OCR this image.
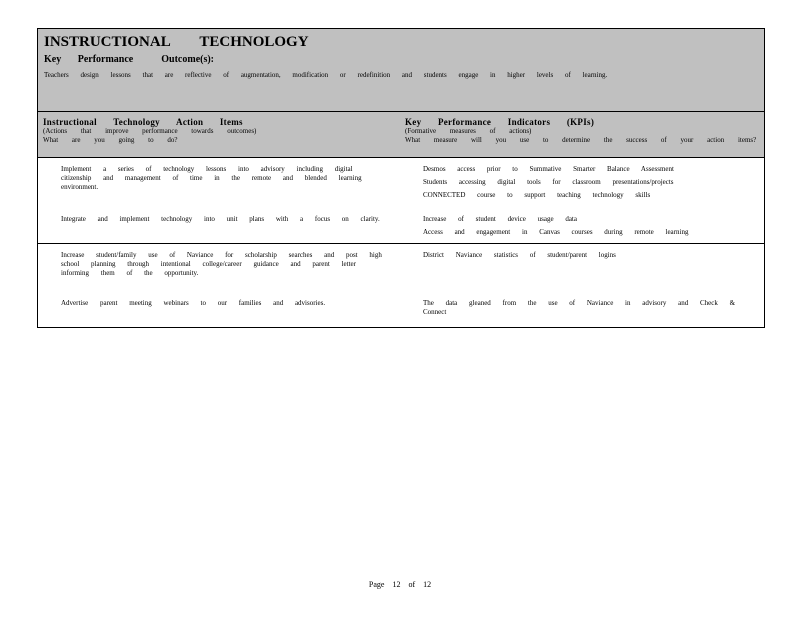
INSTRUCTIONAL TECHNOLOGY
Key Performance	Outcome(s):
Teachers design lessons that are reflective of augmentation, modification or redefinition and students engage in higher levels of learning.
Instructional Technology Action Items
(Actions that improve performance towards outcomes)
What are you going to do?
Key Performance Indicators (KPIs)
(Formative measures of actions)
What measure will you use to determine the success of your action items?
Implement a series of technology lessons into advisory including digital citizenship and management of time in the remote and blended learning environment.
Integrate and implement technology into unit plans with a focus on clarity.
Desmos access prior to Summative Smarter Balance Assessment
Students accessing digital tools for classroom presentations/projects
CONNECTED course to support teaching technology skills
Increase of student device usage data
Access and engagement in Canvas courses during remote learning
Increase student/family use of Naviance for scholarship searches and post high school planning through intentional college/career guidance and parent letter informing them of the opportunity.
Advertise parent meeting webinars to our families and advisories.
District Naviance statistics of student/parent logins
The data gleaned from the use of Naviance in advisory and Check & Connect
Page 12 of 12
